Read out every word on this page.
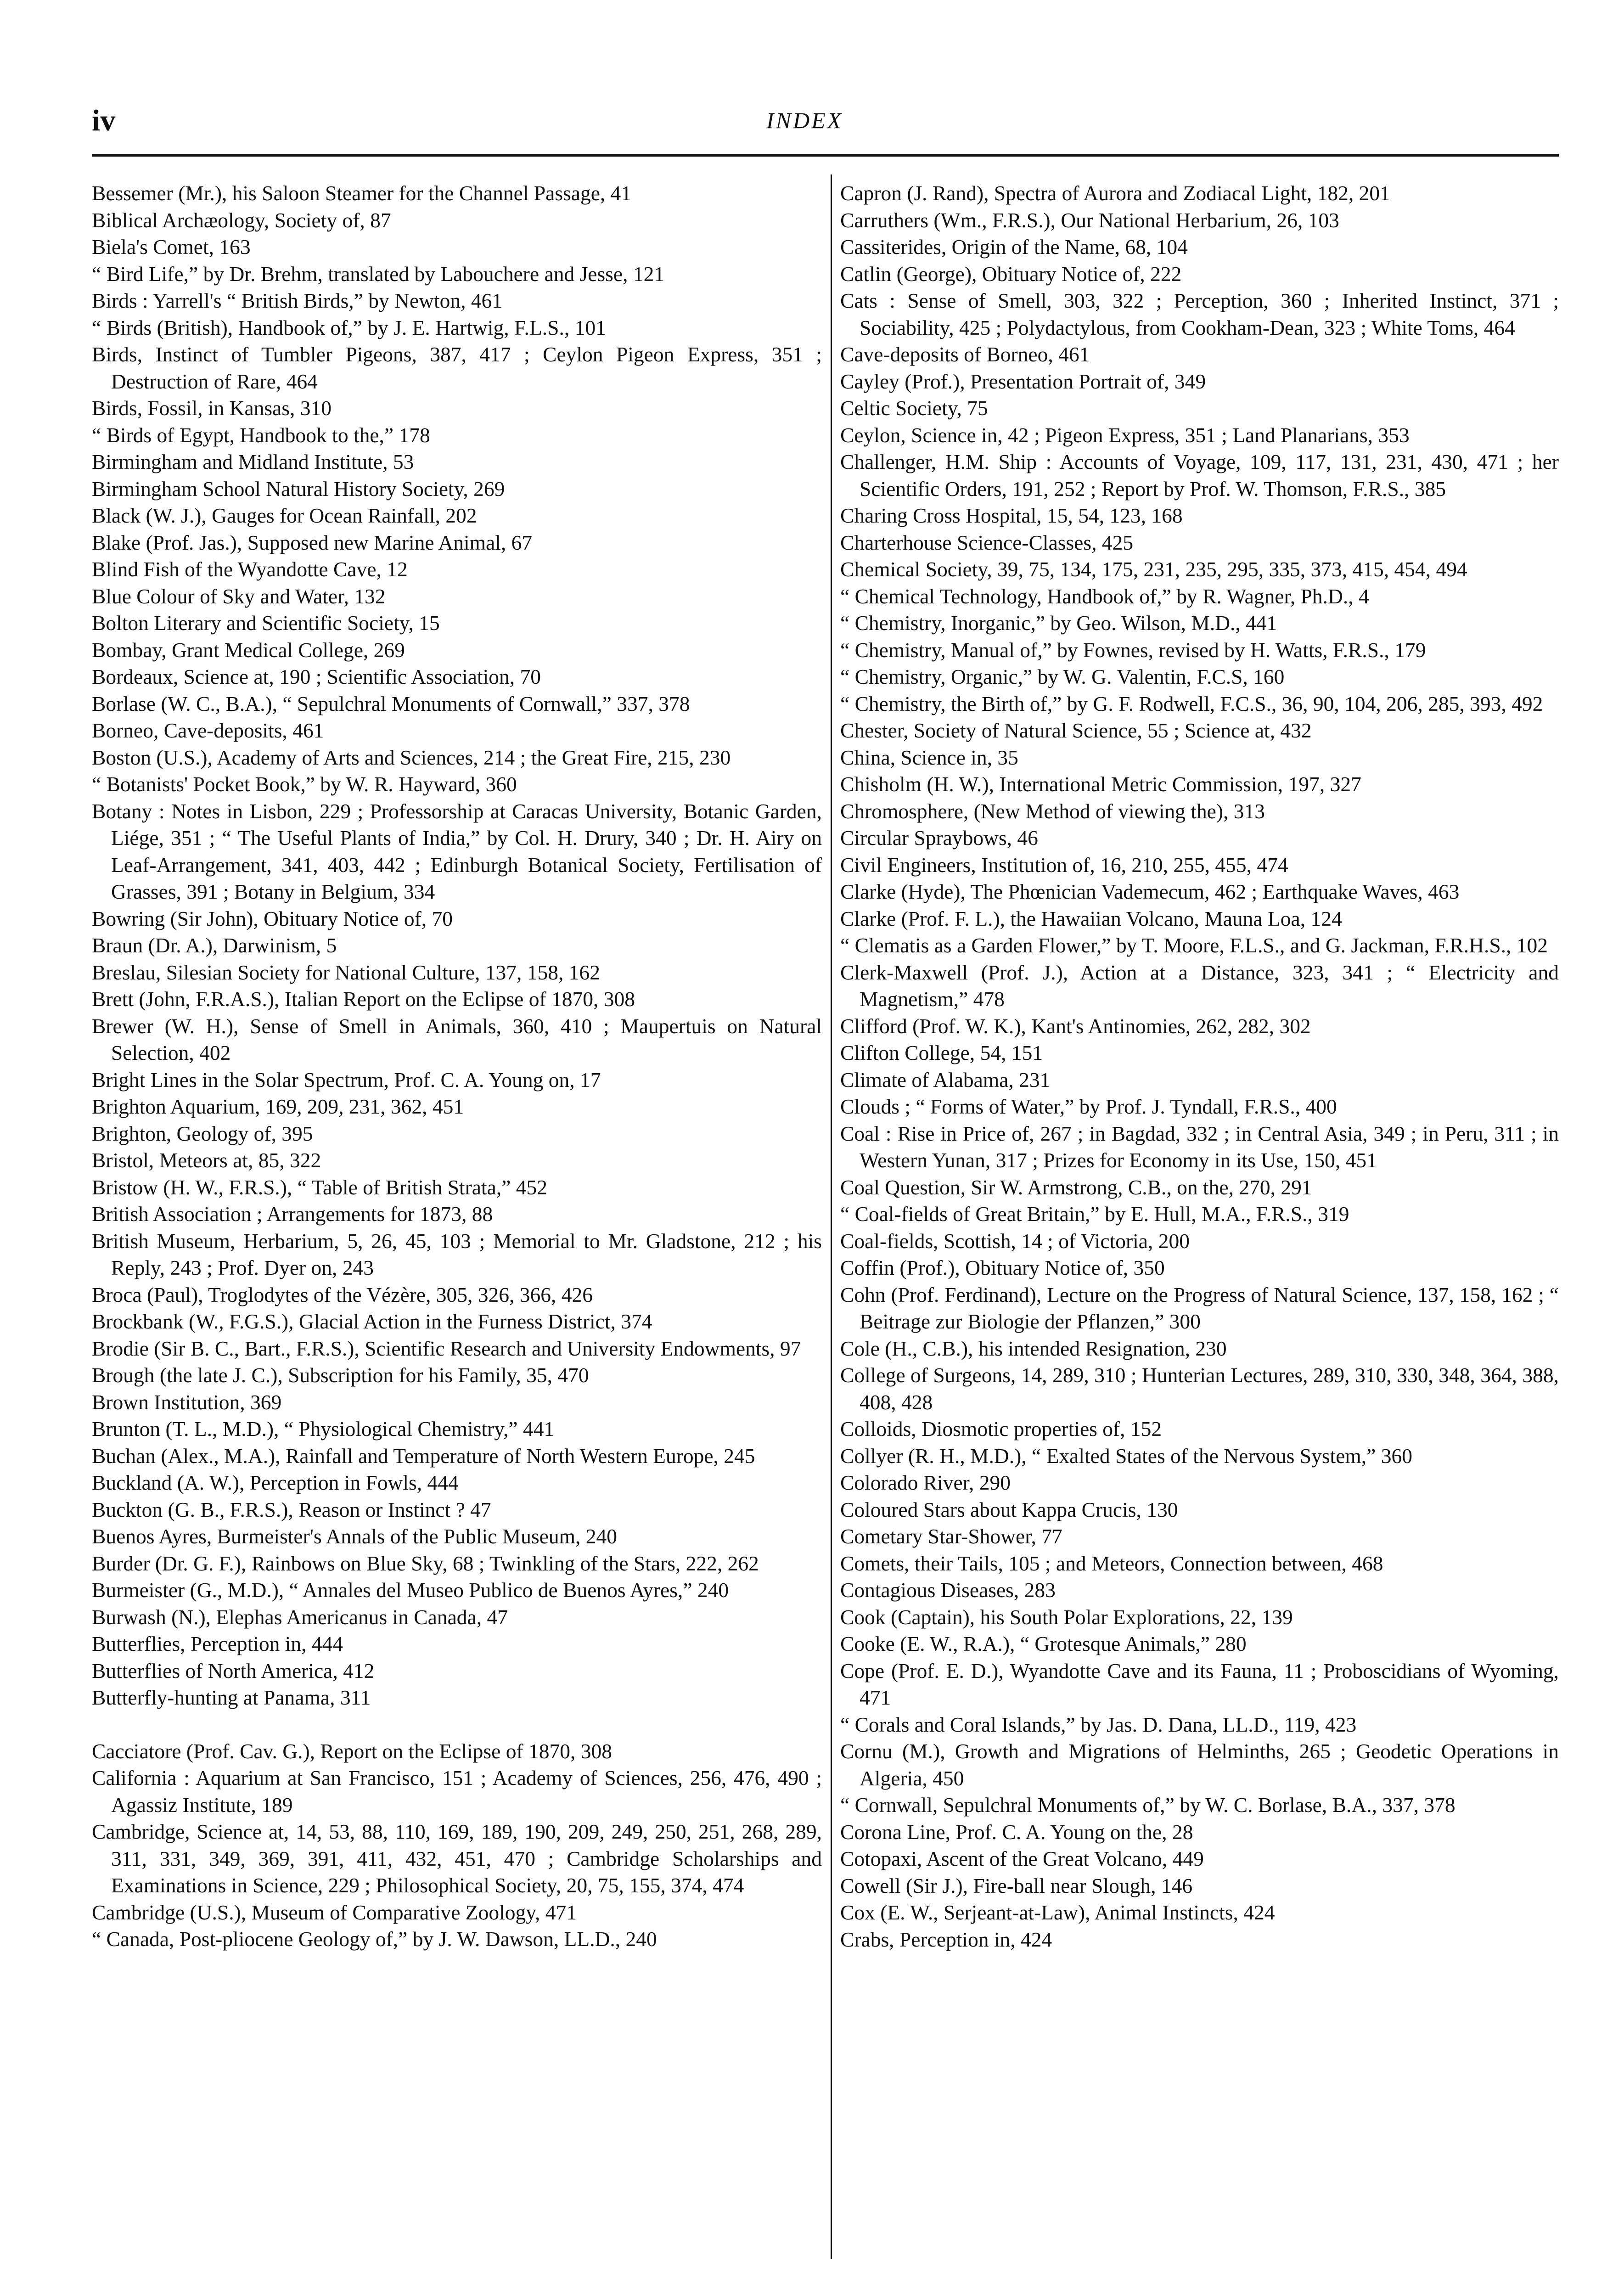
iv	INDEX

Bessemer (Mr.), his Saloon Steamer for the Channel Passage, 41

Biblical Archæology, Society of, 87

Biela's Comet, 163

“ Bird Life,” by Dr. Brehm, translated by Labouchere and Jesse, 121

Birds : Yarrell's “ British Birds,” by Newton, 461

“ Birds (British), Handbook of,” by J. E. Hartwig, F.L.S., 101

Birds, Instinct of Tumbler Pigeons, 387, 417 ; Ceylon Pigeon Express, 351 ; Destruction of Rare, 464

Birds, Fossil, in Kansas, 310

“ Birds of Egypt, Handbook to the,” 178

Birmingham and Midland Institute, 53

Birmingham School Natural History Society, 269

Black (W. J.), Gauges for Ocean Rainfall, 202

Blake (Prof. Jas.), Supposed new Marine Animal, 67

Blind Fish of the Wyandotte Cave, 12

Blue Colour of Sky and Water, 132

Bolton Literary and Scientific Society, 15

Bombay, Grant Medical College, 269

Bordeaux, Science at, 190 ; Scientific Association, 70

Borlase (W. C., B.A.), “ Sepulchral Monuments of Cornwall,” 337, 378

Borneo, Cave-deposits, 461

Boston (U.S.), Academy of Arts and Sciences, 214 ; the Great Fire, 215, 230

“ Botanists' Pocket Book,” by W. R. Hayward, 360

Botany : Notes in Lisbon, 229 ; Professorship at Caracas University, Botanic Garden, Liége, 351 ; “ The Useful Plants of India,” by Col. H. Drury, 340 ; Dr. H. Airy on Leaf-Arrangement, 341, 403, 442 ; Edinburgh Botanical Society, Fertilisation of Grasses, 391 ; Botany in Belgium, 334

Bowring (Sir John), Obituary Notice of, 70

Braun (Dr. A.), Darwinism, 5

Breslau, Silesian Society for National Culture, 137, 158, 162

Brett (John, F.R.A.S.), Italian Report on the Eclipse of 1870, 308

Brewer (W. H.), Sense of Smell in Animals, 360, 410 ; Maupertuis on Natural Selection, 402

Bright Lines in the Solar Spectrum, Prof. C. A. Young on, 17

Brighton Aquarium, 169, 209, 231, 362, 451

Brighton, Geology of, 395

Bristol, Meteors at, 85, 322

Bristow (H. W., F.R.S.), “ Table of British Strata,” 452

British Association ; Arrangements for 1873, 88

British Museum, Herbarium, 5, 26, 45, 103 ; Memorial to Mr. Gladstone, 212 ; his Reply, 243 ; Prof. Dyer on, 243

Broca (Paul), Troglodytes of the Vézère, 305, 326, 366, 426

Brockbank (W., F.G.S.), Glacial Action in the Furness District, 374

Brodie (Sir B. C., Bart., F.R.S.), Scientific Research and University Endowments, 97

Brough (the late J. C.), Subscription for his Family, 35, 470

Brown Institution, 369

Brunton (T. L., M.D.), “ Physiological Chemistry,” 441

Buchan (Alex., M.A.), Rainfall and Temperature of North Western Europe, 245

Buckland (A. W.), Perception in Fowls, 444

Buckton (G. B., F.R.S.), Reason or Instinct ? 47

Buenos Ayres, Burmeister's Annals of the Public Museum, 240

Burder (Dr. G. F.), Rainbows on Blue Sky, 68 ; Twinkling of the Stars, 222, 262

Burmeister (G., M.D.), “ Annales del Museo Publico de Buenos Ayres,” 240

Burwash (N.), Elephas Americanus in Canada, 47

Butterflies, Perception in, 444

Butterflies of North America, 412

Butterfly-hunting at Panama, 311

Cacciatore (Prof. Cav. G.), Report on the Eclipse of 1870, 308

California : Aquarium at San Francisco, 151 ; Academy of Sciences, 256, 476, 490 ; Agassiz Institute, 189

Cambridge, Science at, 14, 53, 88, 110, 169, 189, 190, 209, 249, 250, 251, 268, 289, 311, 331, 349, 369, 391, 411, 432, 451, 470 ; Cambridge Scholarships and Examinations in Science, 229 ; Philosophical Society, 20, 75, 155, 374, 474

Cambridge (U.S.), Museum of Comparative Zoology, 471

“ Canada, Post-pliocene Geology of,” by J. W. Dawson, LL.D., 240

Capron (J. Rand), Spectra of Aurora and Zodiacal Light, 182, 201

Carruthers (Wm., F.R.S.), Our National Herbarium, 26, 103

Cassiterides, Origin of the Name, 68, 104

Catlin (George), Obituary Notice of, 222

Cats : Sense of Smell, 303, 322 ; Perception, 360 ; Inherited Instinct, 371 ; Sociability, 425 ; Polydactylous, from Cookham-Dean, 323 ; White Toms, 464

Cave-deposits of Borneo, 461

Cayley (Prof.), Presentation Portrait of, 349

Celtic Society, 75

Ceylon, Science in, 42 ; Pigeon Express, 351 ; Land Planarians, 353

Challenger, H.M. Ship : Accounts of Voyage, 109, 117, 131, 231, 430, 471 ; her Scientific Orders, 191, 252 ; Report by Prof. W. Thomson, F.R.S., 385

Charing Cross Hospital, 15, 54, 123, 168

Charterhouse Science-Classes, 425

Chemical Society, 39, 75, 134, 175, 231, 235, 295, 335, 373, 415, 454, 494

“ Chemical Technology, Handbook of,” by R. Wagner, Ph.D., 4

“ Chemistry, Inorganic,” by Geo. Wilson, M.D., 441

“ Chemistry, Manual of,” by Fownes, revised by H. Watts, F.R.S., 179

“ Chemistry, Organic,” by W. G. Valentin, F.C.S, 160

“ Chemistry, the Birth of,” by G. F. Rodwell, F.C.S., 36, 90, 104, 206, 285, 393, 492

Chester, Society of Natural Science, 55 ; Science at, 432

China, Science in, 35

Chisholm (H. W.), International Metric Commission, 197, 327

Chromosphere, (New Method of viewing the), 313

Circular Spraybows, 46

Civil Engineers, Institution of, 16, 210, 255, 455, 474

Clarke (Hyde), The Phœnician Vademecum, 462 ; Earthquake Waves, 463

Clarke (Prof. F. L.), the Hawaiian Volcano, Mauna Loa, 124

“ Clematis as a Garden Flower,” by T. Moore, F.L.S., and G. Jackman, F.R.H.S., 102

Clerk-Maxwell (Prof. J.), Action at a Distance, 323, 341 ; “ Electricity and Magnetism,” 478

Clifford (Prof. W. K.), Kant's Antinomies, 262, 282, 302

Clifton College, 54, 151

Climate of Alabama, 231

Clouds ; “ Forms of Water,” by Prof. J. Tyndall, F.R.S., 400

Coal : Rise in Price of, 267 ; in Bagdad, 332 ; in Central Asia, 349 ; in Peru, 311 ; in Western Yunan, 317 ; Prizes for Economy in its Use, 150, 451

Coal Question, Sir W. Armstrong, C.B., on the, 270, 291

“ Coal-fields of Great Britain,” by E. Hull, M.A., F.R.S., 319

Coal-fields, Scottish, 14 ; of Victoria, 200

Coffin (Prof.), Obituary Notice of, 350

Cohn (Prof. Ferdinand), Lecture on the Progress of Natural Science, 137, 158, 162 ; “ Beitrage zur Biologie der Pflanzen,” 300

Cole (H., C.B.), his intended Resignation, 230

College of Surgeons, 14, 289, 310 ; Hunterian Lectures, 289, 310, 330, 348, 364, 388, 408, 428

Colloids, Diosmotic properties of, 152

Collyer (R. H., M.D.), “ Exalted States of the Nervous System,” 360

Colorado River, 290

Coloured Stars about Kappa Crucis, 130

Cometary Star-Shower, 77

Comets, their Tails, 105 ; and Meteors, Connection between, 468

Contagious Diseases, 283

Cook (Captain), his South Polar Explorations, 22, 139

Cooke (E. W., R.A.), “ Grotesque Animals,” 280

Cope (Prof. E. D.), Wyandotte Cave and its Fauna, 11 ; Proboscidians of Wyoming, 471

“ Corals and Coral Islands,” by Jas. D. Dana, LL.D., 119, 423

Cornu (M.), Growth and Migrations of Helminths, 265 ; Geodetic Operations in Algeria, 450

“ Cornwall, Sepulchral Monuments of,” by W. C. Borlase, B.A., 337, 378

Corona Line, Prof. C. A. Young on the, 28

Cotopaxi, Ascent of the Great Volcano, 449

Cowell (Sir J.), Fire-ball near Slough, 146

Cox (E. W., Serjeant-at-Law), Animal Instincts, 424

Crabs, Perception in, 424
